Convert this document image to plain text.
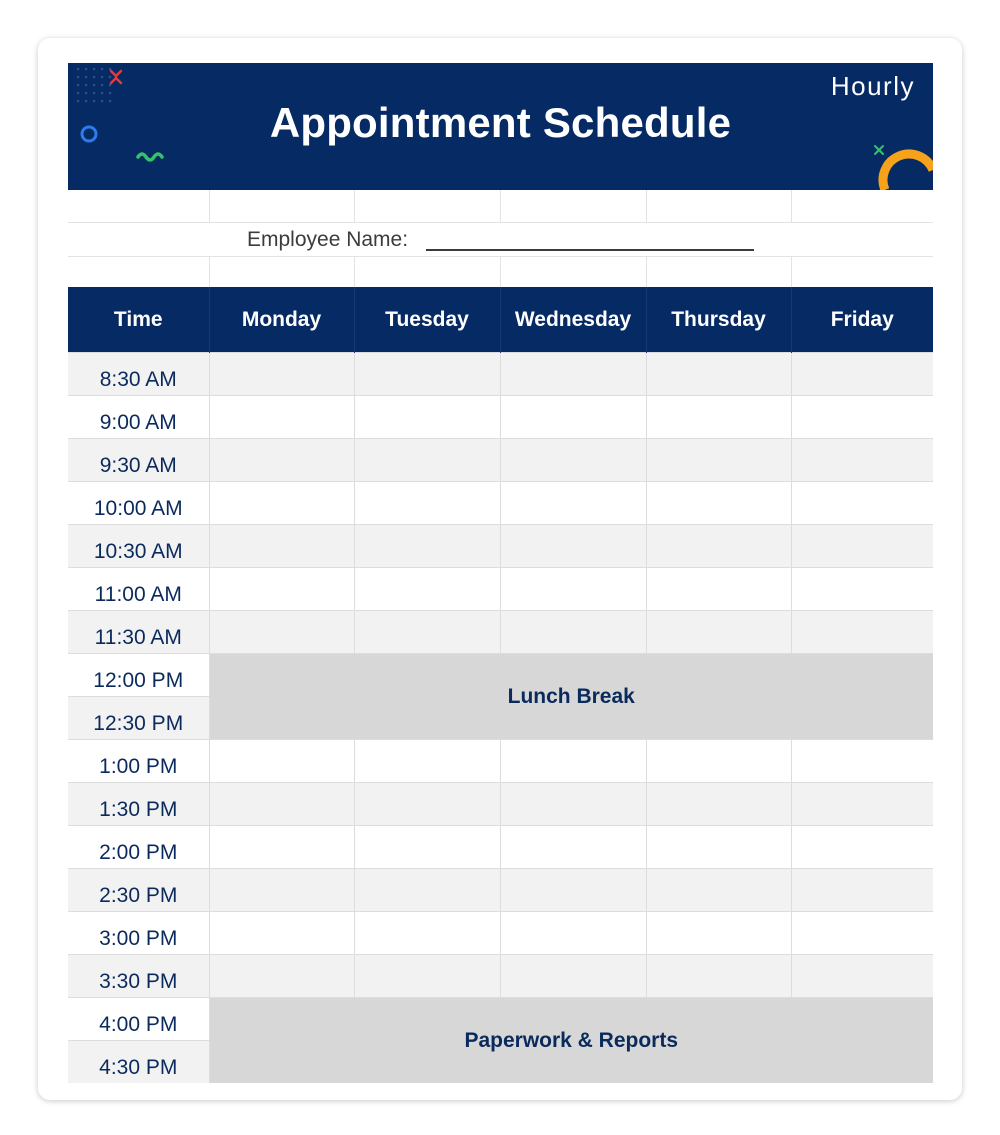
Appointment Schedule
Hourly
Employee Name:
Time	Monday	Tuesday	Wednesday	Thursday	Friday
8:30 AM					
9:00 AM					
9:30 AM					
10:00 AM					
10:30 AM					
11:00 AM					
11:30 AM					
12:00 PM	Lunch Break				
12:30 PM					
1:00 PM					
1:30 PM					
2:00 PM					
2:30 PM					
3:00 PM					
3:30 PM					
4:00 PM	Paperwork & Reports				
4:30 PM					
